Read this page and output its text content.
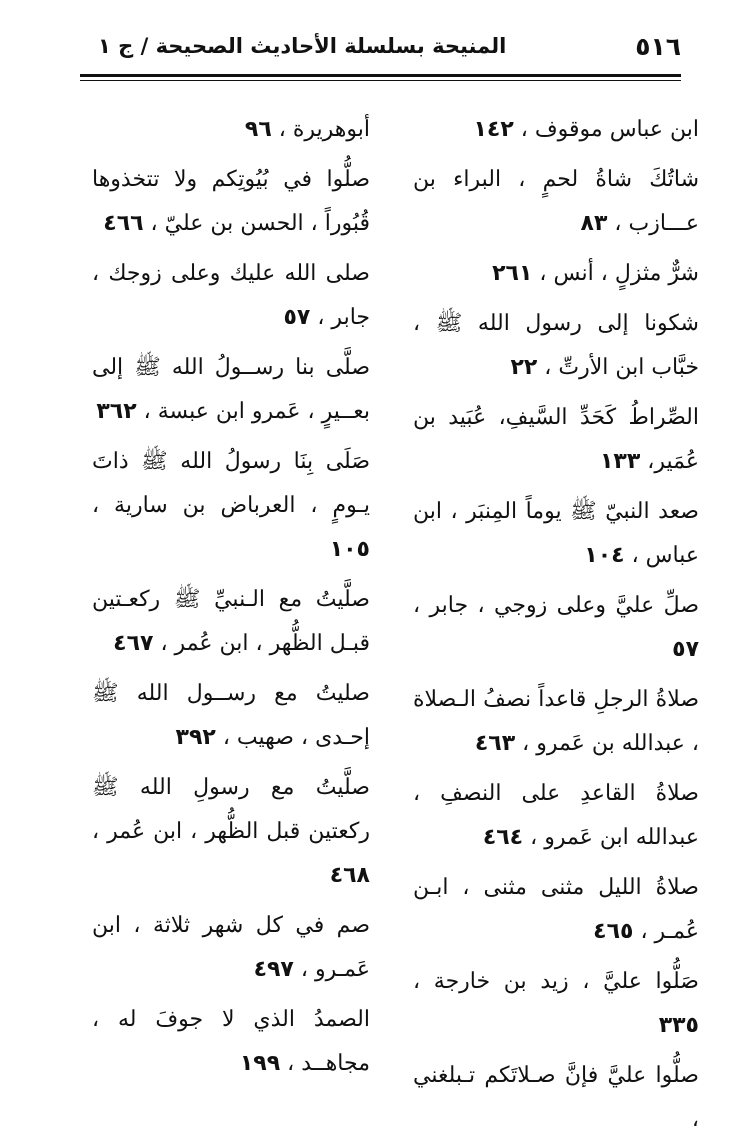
٥١٦
المنيحة بسلسلة الأحاديث الصحيحة / ج ١

ابن عباس موقوف ، ١٤٢

شاتُكَ شاةُ لحمٍ ، البراء بن عـــازب ، ٨٣

شرٌّ مثزلٍ ، أنس ، ٢٦١

شكونا إلى رسول الله ﷺ ، خبَّاب ابن الأرتِّ ، ٢٢

الصِّراطُ كَحَدِّ السَّيفِ، عُبَيد بن عُمَير، ١٣٣

صعد النبيّ ﷺ يوماً المِنبَر ، ابن عباس ، ١٠٤

صلِّ عليَّ وعلى زوجي ، جابر ، ٥٧

صلاةُ الرجلِ قاعداً نصفُ الـصلاة ، عبدالله بن عَمرو ، ٤٦٣

صلاةُ القاعدِ على النصفِ ، عبدالله ابن عَمرو ، ٤٦٤

صلاةُ الليل مثنى مثنى ، ابـن عُمـر ، ٤٦٥

صَلُّوا عليَّ ، زيد بن خارجة ، ٣٣٥

صلُّوا عليَّ فإنَّ صـلاتَكم تـبلغني ،

أبوهريرة ، ٩٦

صلُّوا في بُيُوتِكم ولا تتخذوها قُبُوراً ، الحسن بن عليّ ، ٤٦٦

صلى الله عليك وعلى زوجك ، جابر ، ٥٧

صلَّى بنا رســولُ الله ﷺ إلى بعــيرٍ ، عَمرو ابن عبسة ، ٣٦٢

صَلَى بِنَا رسولُ الله ﷺ ذاتَ يـومٍ ، العرباض بن سارية ، ١٠٥

صلَّيتُ مع الـنبيِّ ﷺ ركعـتين قبـل الظُّهر ، ابن عُمر ، ٤٦٧

صليتُ مع رســول الله ﷺ إحـدى ، صهيب ، ٣٩٢

صلَّيتُ مع رسولِ الله ﷺ ركعتين قبل الظُّهر ، ابن عُمر ، ٤٦٨

صم في كل شهر ثلاثة ، ابن عَمـرو ، ٤٩٧

الصمدُ الذي لا جوفَ له ، مجاهــد ، ١٩٩
